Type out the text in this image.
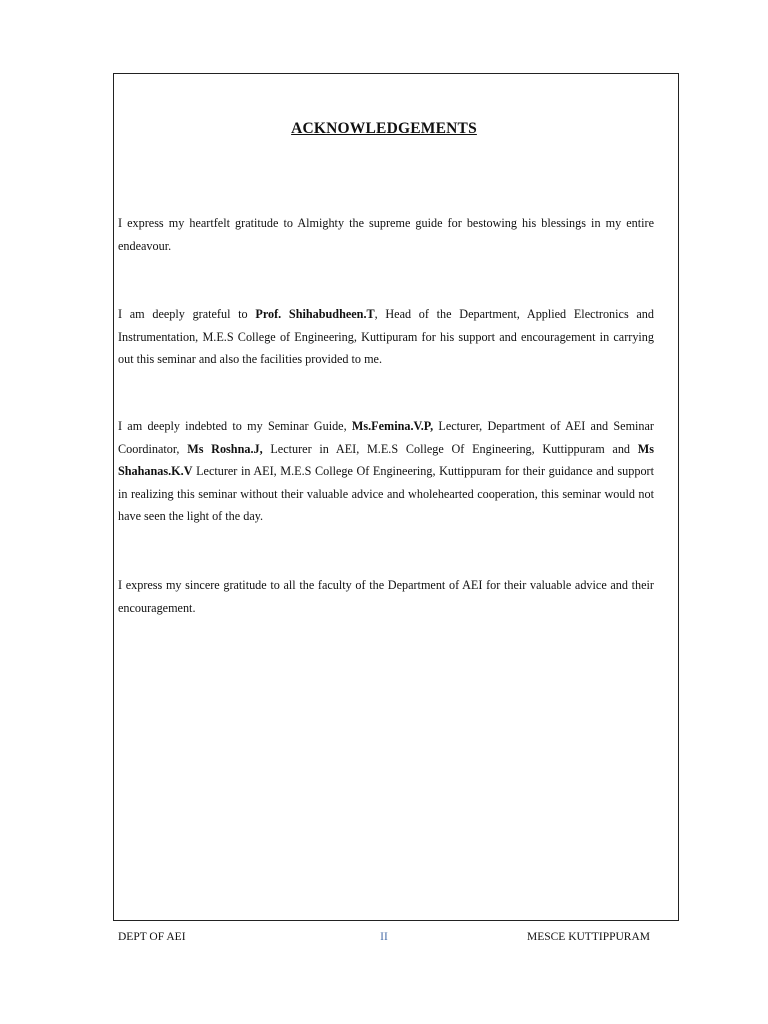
ACKNOWLEDGEMENTS

I express my heartfelt gratitude to Almighty the supreme guide for bestowing his blessings in my entire endeavour.

I am deeply grateful to Prof. Shihabudheen.T, Head of the Department, Applied Electronics and Instrumentation, M.E.S College of Engineering, Kuttipuram for his support and encouragement in carrying out this seminar and also the facilities provided to me.

I am deeply indebted to my Seminar Guide, Ms.Femina.V.P, Lecturer, Department of AEI and Seminar Coordinator, Ms Roshna.J, Lecturer in AEI, M.E.S College Of Engineering, Kuttippuram and Ms Shahanas.K.V Lecturer in AEI, M.E.S College Of Engineering, Kuttippuram for their guidance and support in realizing this seminar without their valuable advice and wholehearted cooperation, this seminar would not have seen the light of the day.

I express my sincere gratitude to all the faculty of the Department of AEI for their valuable advice and their encouragement.

DEPT OF AEI	II	MESCE KUTTIPPURAM
